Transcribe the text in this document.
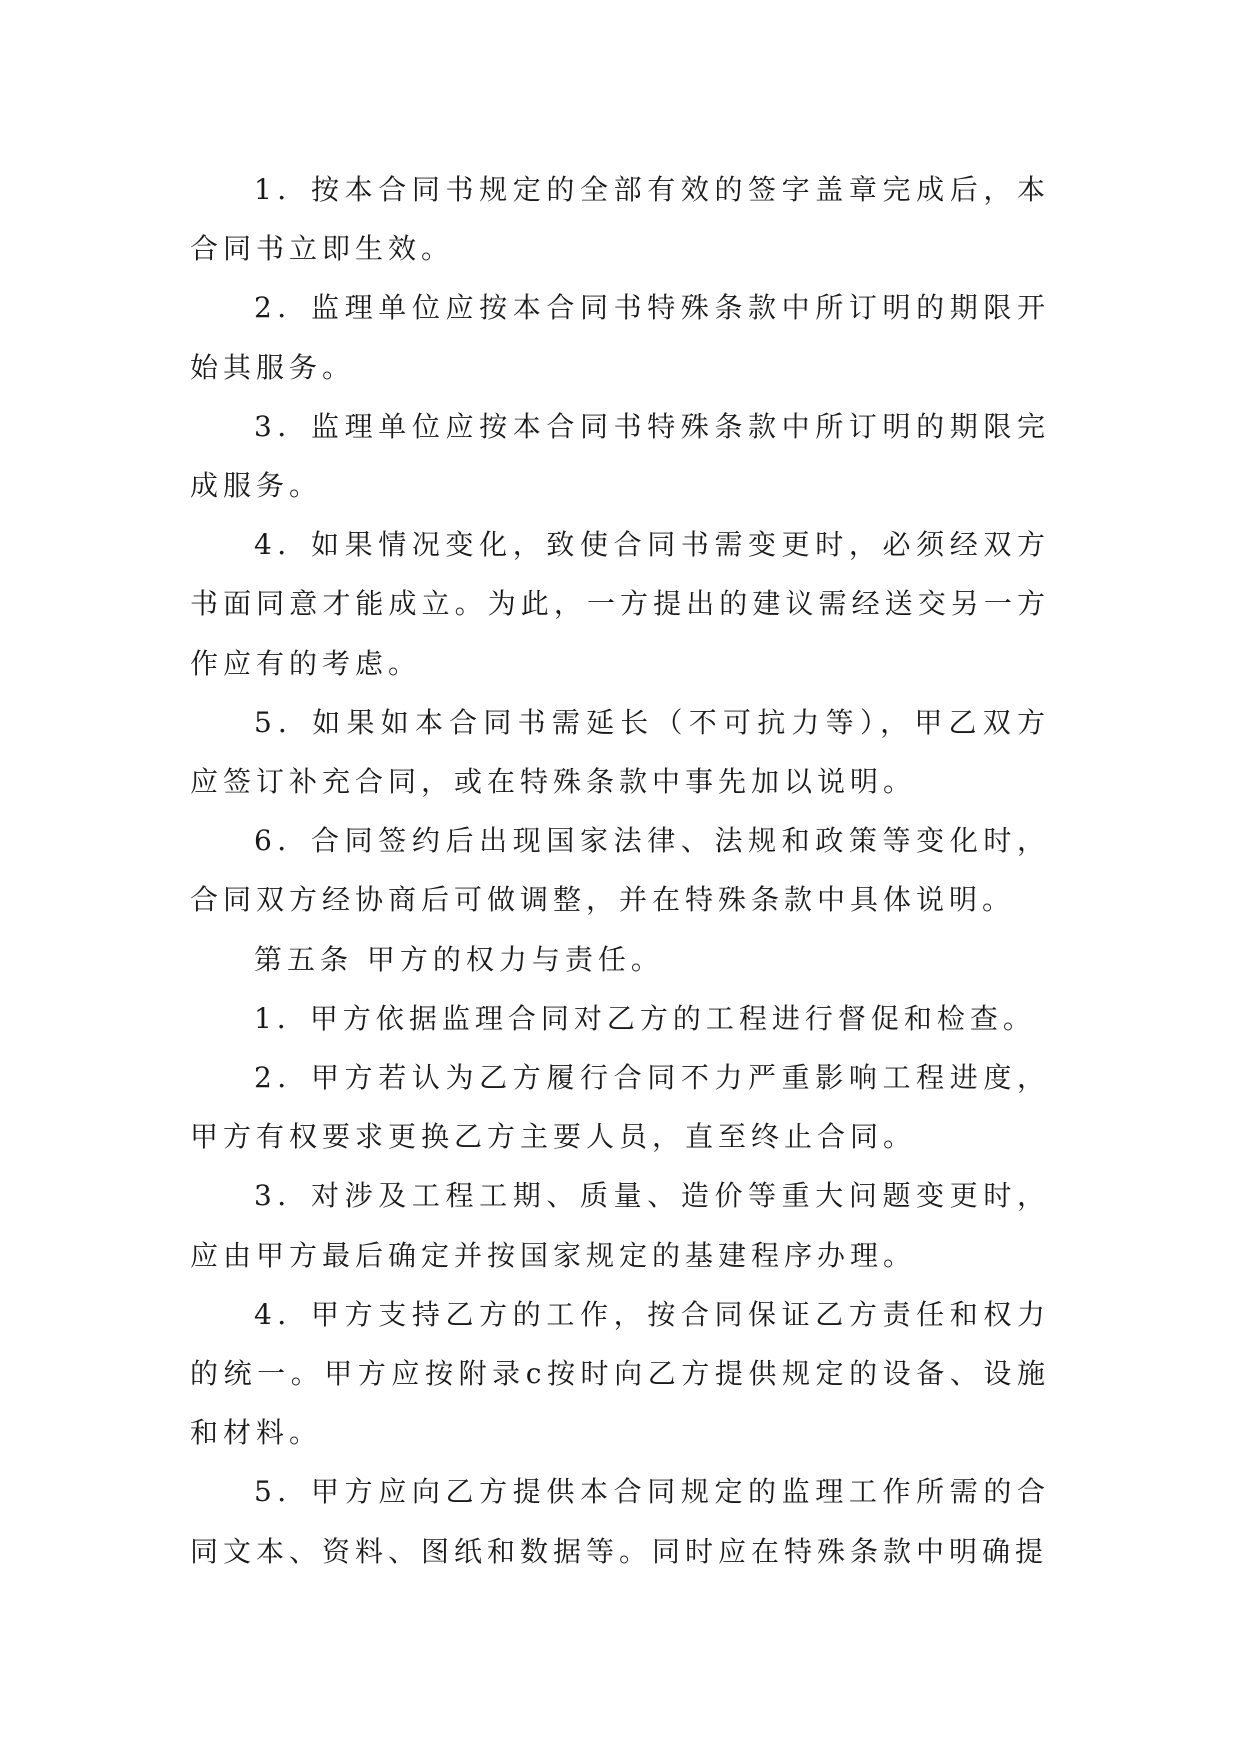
1．按本合同书规定的全部有效的签字盖章完成后，本合同书立即生效。

2．监理单位应按本合同书特殊条款中所订明的期限开始其服务。

3．监理单位应按本合同书特殊条款中所订明的期限完成服务。

4．如果情况变化，致使合同书需变更时，必须经双方书面同意才能成立。为此，一方提出的建议需经送交另一方作应有的考虑。

5．如果如本合同书需延长（不可抗力等），甲乙双方应签订补充合同，或在特殊条款中事先加以说明。

6．合同签约后出现国家法律、法规和政策等变化时，合同双方经协商后可做调整，并在特殊条款中具体说明。

第五条 甲方的权力与责任。

1．甲方依据监理合同对乙方的工程进行督促和检查。

2．甲方若认为乙方履行合同不力严重影响工程进度，甲方有权要求更换乙方主要人员，直至终止合同。

3．对涉及工程工期、质量、造价等重大问题变更时，应由甲方最后确定并按国家规定的基建程序办理。

4．甲方支持乙方的工作，按合同保证乙方责任和权力的统一。甲方应按附录c按时向乙方提供规定的设备、设施和材料。

5．甲方应向乙方提供本合同规定的监理工作所需的合同文本、资料、图纸和数据等。同时应在特殊条款中明确提
